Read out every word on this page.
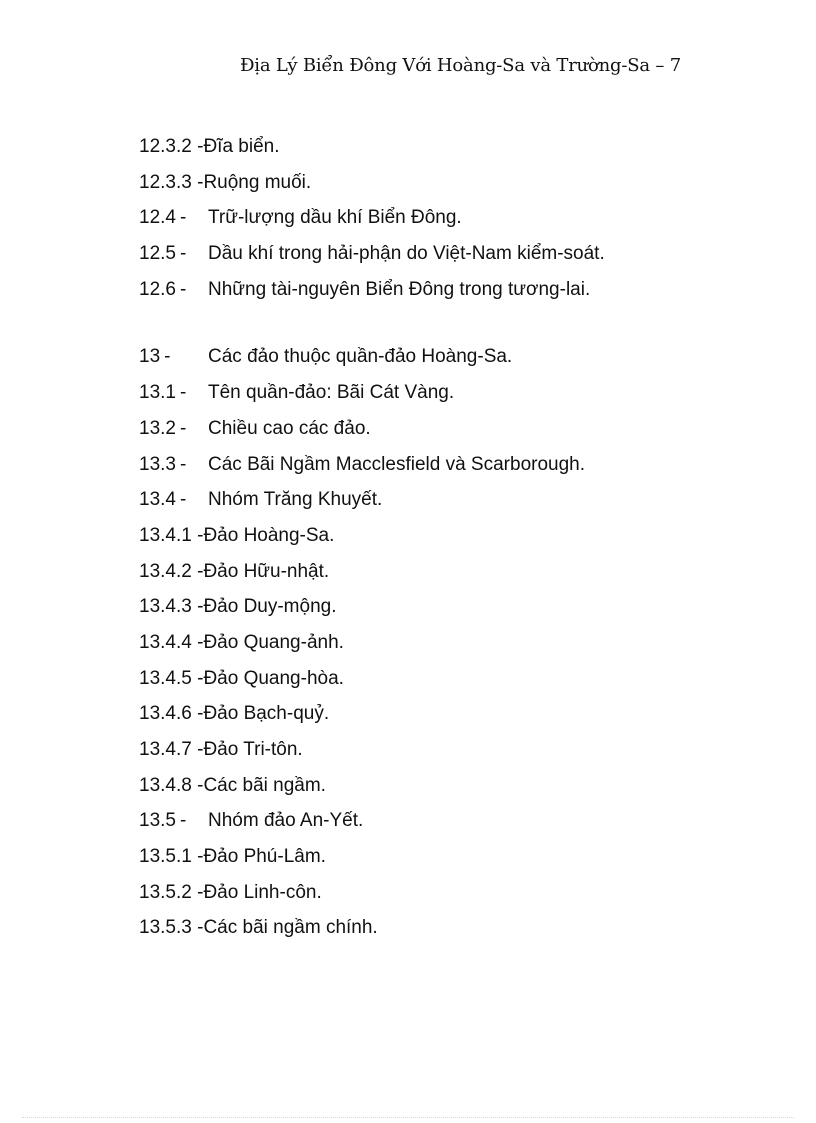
Địa Lý Biển Đông Với Hoàng-Sa và Trường-Sa – 7
12.3.2 -Đĩa biển.
12.3.3 -Ruộng muối.
12.4 - Trữ-lượng dầu khí Biển Đông.
12.5 - Dầu khí trong hải-phận do Việt-Nam kiểm-soát.
12.6 - Những tài-nguyên Biển Đông trong tương-lai.
13 - Các đảo thuộc quần-đảo Hoàng-Sa.
13.1 - Tên quần-đảo: Bãi Cát Vàng.
13.2 - Chiều cao các đảo.
13.3 - Các Bãi Ngầm Macclesfield và Scarborough.
13.4 - Nhóm Trăng Khuyết.
13.4.1 -Đảo Hoàng-Sa.
13.4.2 -Đảo Hữu-nhật.
13.4.3 -Đảo Duy-mộng.
13.4.4 -Đảo Quang-ảnh.
13.4.5 -Đảo Quang-hòa.
13.4.6 -Đảo Bạch-quỷ.
13.4.7 -Đảo Tri-tôn.
13.4.8 -Các bãi ngầm.
13.5 - Nhóm đảo An-Yết.
13.5.1 -Đảo Phú-Lâm.
13.5.2 -Đảo Linh-côn.
13.5.3 -Các bãi ngầm chính.
